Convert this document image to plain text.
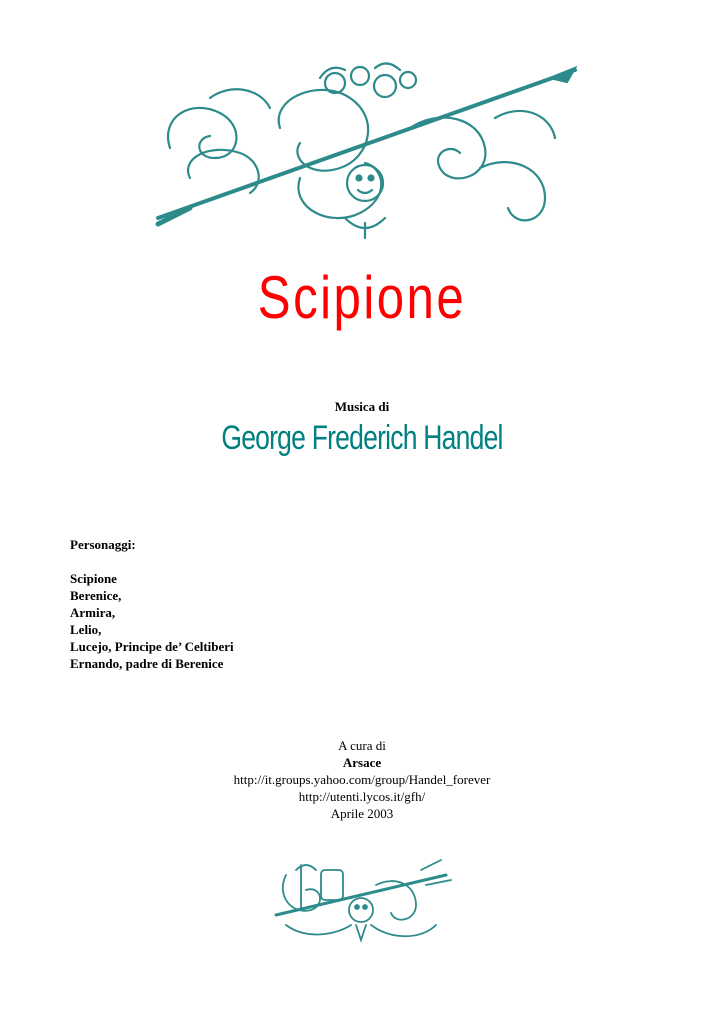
Scipione
Musica di
George Frederich Handel
Personaggi:
Scipione
Berenice,
Armira,
Lelio,
Lucejo, Principe de’ Celtiberi
Ernando, padre di Berenice
A cura di
Arsace
http://it.groups.yahoo.com/group/Handel_forever
http://utenti.lycos.it/gfh/
Aprile 2003
